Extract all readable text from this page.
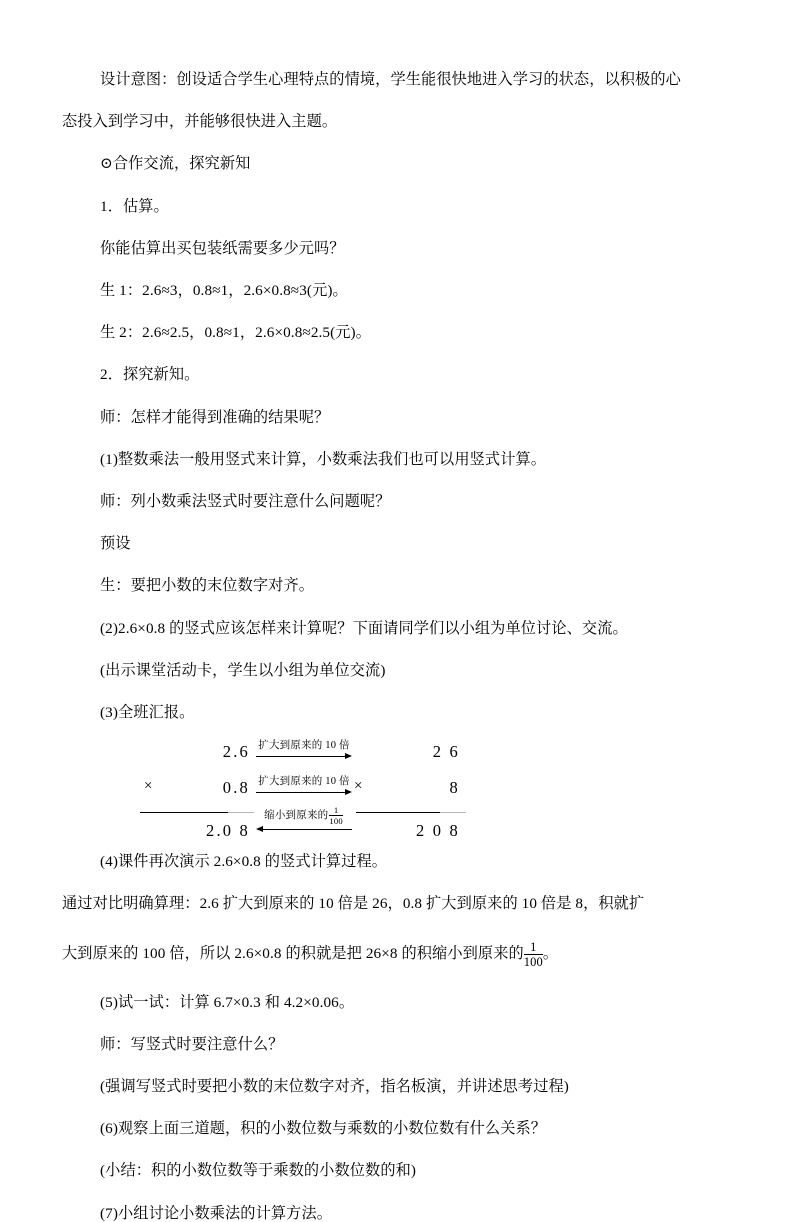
设计意图：创设适合学生心理特点的情境，学生能很快地进入学习的状态，以积极的心
态投入到学习中，并能够很快进入主题。
⊙合作交流，探究新知
1．估算。
你能估算出买包装纸需要多少元吗？
生 1：2.6≈3，0.8≈1，2.6×0.8≈3(元)。
生 2：2.6≈2.5，0.8≈1，2.6×0.8≈2.5(元)。
2．探究新知。
师：怎样才能得到准确的结果呢？
(1)整数乘法一般用竖式来计算，小数乘法我们也可以用竖式计算。
师：列小数乘法竖式时要注意什么问题呢？
预设
生：要把小数的末位数字对齐。
(2)2.6×0.8 的竖式应该怎样来计算呢？下面请同学们以小组为单位讨论、交流。
(出示课堂活动卡，学生以小组为单位交流)
(3)全班汇报。
2.6
×	0.8
2.0 8
扩大到原来的 10 倍
扩大到原来的 10 倍
缩小到原来的 $\frac{1}{100}$
2 6
×	8
2 0 8
(4)课件再次演示 2.6×0.8 的竖式计算过程。
通过对比明确算理：2.6 扩大到原来的 10 倍是 26，0.8 扩大到原来的 10 倍是 8，积就扩
大到原来的 100 倍，所以 2.6×0.8 的积就是把 26×8 的积缩小到原来的 $\frac{1}{100}$ 。
(5)试一试：计算 6.7×0.3 和 4.2×0.06。
师：写竖式时要注意什么？
(强调写竖式时要把小数的末位数字对齐，指名板演，并讲述思考过程)
(6)观察上面三道题，积的小数位数与乘数的小数位数有什么关系？
(小结：积的小数位数等于乘数的小数位数的和)
(7)小组讨论小数乘法的计算方法。
